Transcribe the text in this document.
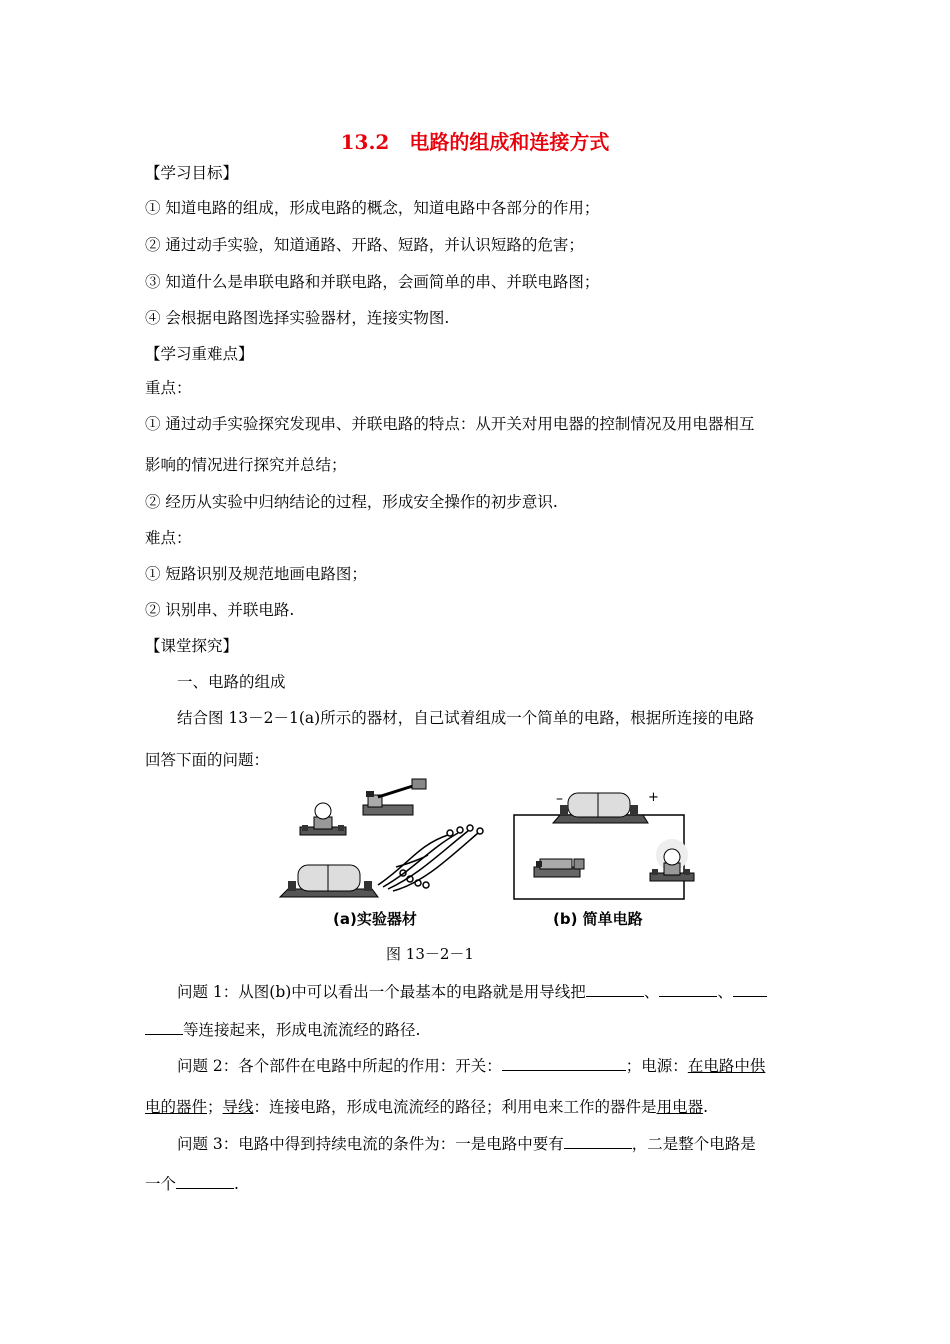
13.2　电路的组成和连接方式
【学习目标】
① 知道电路的组成，形成电路的概念，知道电路中各部分的作用；
② 通过动手实验，知道通路、开路、短路，并认识短路的危害；
③ 知道什么是串联电路和并联电路，会画简单的串、并联电路图；
④ 会根据电路图选择实验器材，连接实物图.
【学习重难点】
重点：
① 通过动手实验探究发现串、并联电路的特点：从开关对用电器的控制情况及用电器相互
影响的情况进行探究并总结；
② 经历从实验中归纳结论的过程，形成安全操作的初步意识.
难点：
① 短路识别及规范地画电路图；
② 识别串、并联电路.
【课堂探究】
一、电路的组成
结合图 13－2－1(a)所示的器材，自己试着组成一个简单的电路，根据所连接的电路
回答下面的问题：
–	+
(a)实验器材	(b) 简单电路
图 13－2－1
问题 1：从图(b)中可以看出一个最基本的电路就是用导线把	、	、
等连接起来，形成电流流经的路径.
问题 2：各个部件在电路中所起的作用：开关：	；电源：在电路中供
电的器件；导线：连接电路，形成电流流经的路径；利用电来工作的器件是用电器.
问题 3：电路中得到持续电流的条件为：一是电路中要有	，二是整个电路是
一个	.
